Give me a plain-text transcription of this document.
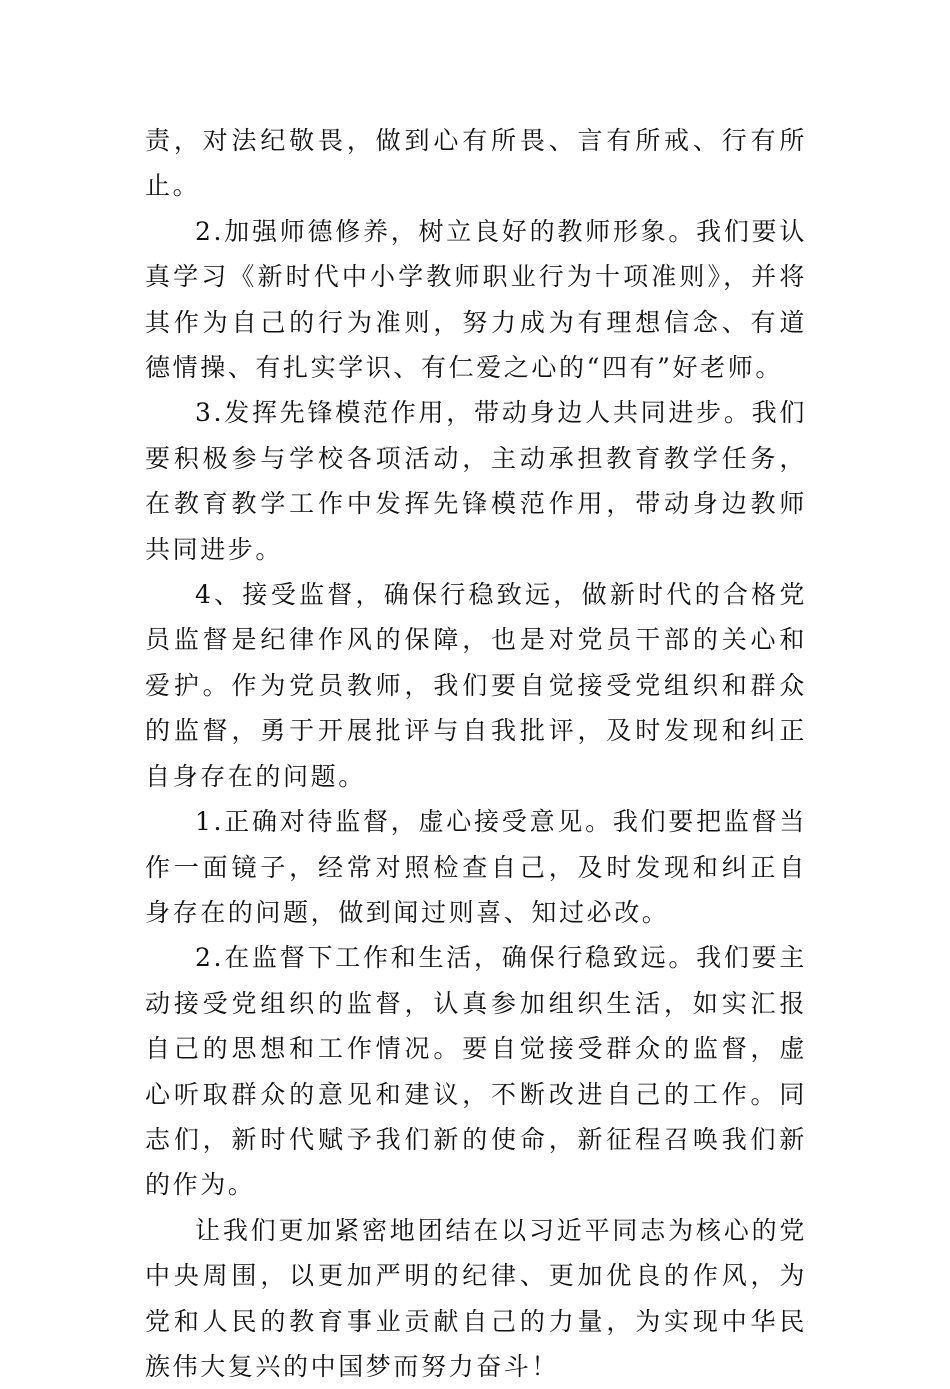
责，对法纪敬畏，做到心有所畏、言有所戒、行有所止。

2.加强师德修养，树立良好的教师形象。我们要认真学习《新时代中小学教师职业行为十项准则》，并将其作为自己的行为准则，努力成为有理想信念、有道德情操、有扎实学识、有仁爱之心的“四有”好老师。

3.发挥先锋模范作用，带动身边人共同进步。我们要积极参与学校各项活动，主动承担教育教学任务，在教育教学工作中发挥先锋模范作用，带动身边教师共同进步。

4、接受监督，确保行稳致远，做新时代的合格党员监督是纪律作风的保障，也是对党员干部的关心和爱护。作为党员教师，我们要自觉接受党组织和群众的监督，勇于开展批评与自我批评，及时发现和纠正自身存在的问题。

1.正确对待监督，虚心接受意见。我们要把监督当作一面镜子，经常对照检查自己，及时发现和纠正自身存在的问题，做到闻过则喜、知过必改。

2.在监督下工作和生活，确保行稳致远。我们要主动接受党组织的监督，认真参加组织生活，如实汇报自己的思想和工作情况。要自觉接受群众的监督，虚心听取群众的意见和建议，不断改进自己的工作。同志们，新时代赋予我们新的使命，新征程召唤我们新的作为。

让我们更加紧密地团结在以习近平同志为核心的党中央周围，以更加严明的纪律、更加优良的作风，为党和人民的教育事业贡献自己的力量，为实现中华民族伟大复兴的中国梦而努力奋斗！
